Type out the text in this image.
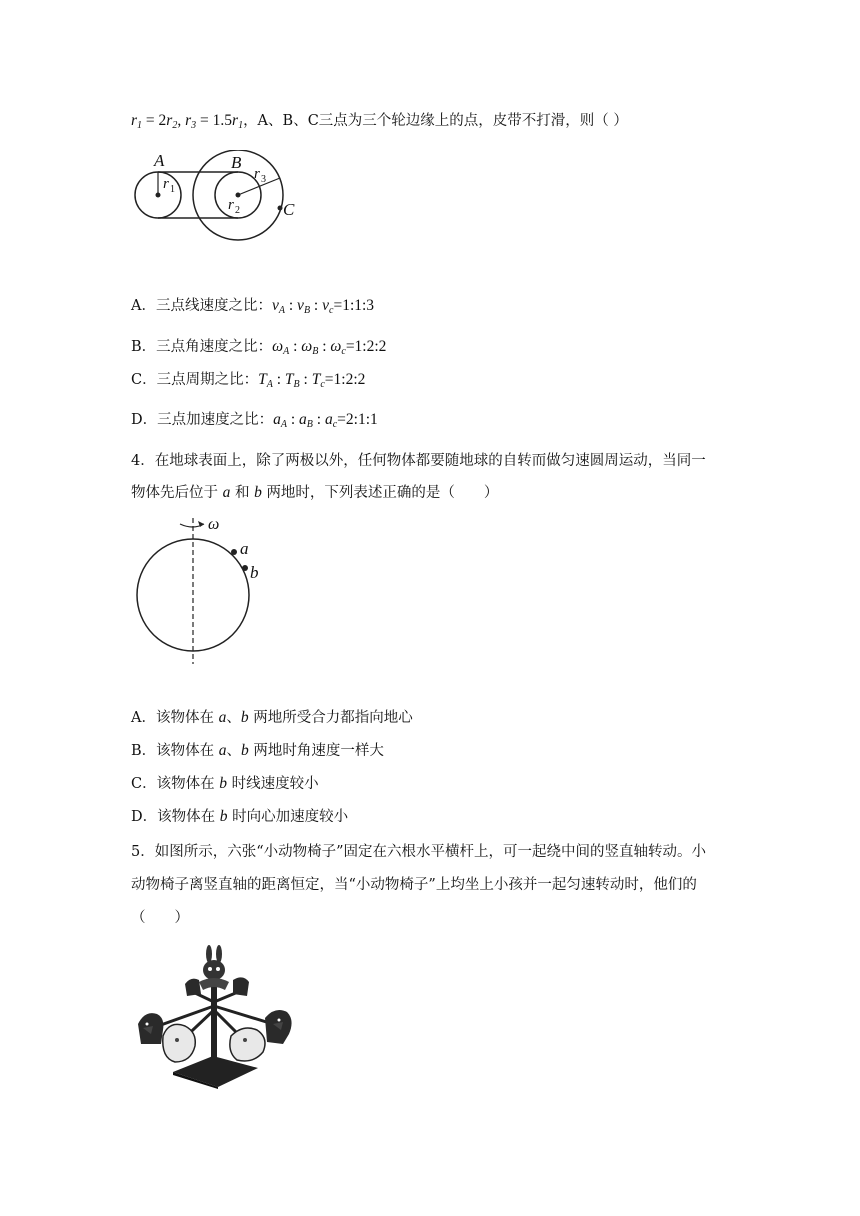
$r_1 = 2r_2$, $r_3 = 1.5r_1$，A、B、C三点为三个轮边缘上的点，皮带不打滑，则（ ）
A
r 1
B
r 2
r 3
C
A．三点线速度之比：$v_A$ : $v_B$ : $v_c=1:1:3$
B．三点角速度之比：$\omega_A$ : $\omega_B$ : $\omega_c=1:2:2$
C．三点周期之比：$T_A$ : $T_B$ : $T_c=1:2:2$
D．三点加速度之比：$a_A$ : $a_B$ : $a_c=2:1:1$
4．在地球表面上，除了两极以外，任何物体都要随地球的自转而做匀速圆周运动，当同一
物体先后位于 a 和 b 两地时，下列表述正确的是（　　）
ω
a
b
A．该物体在 a、b 两地所受合力都指向地心
B．该物体在 a、b 两地时角速度一样大
C．该物体在 b 时线速度较小
D．该物体在 b 时向心加速度较小
5．如图所示，六张“小动物椅子”固定在六根水平横杆上，可一起绕中间的竖直轴转动。小
动物椅子离竖直轴的距离恒定，当“小动物椅子”上均坐上小孩并一起匀速转动时，他们的
（　　）
